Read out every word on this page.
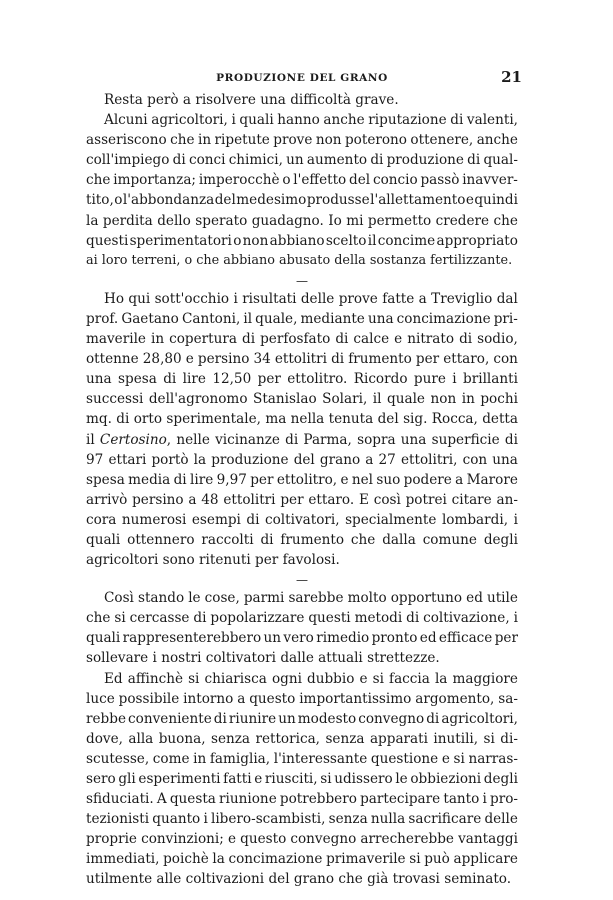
PRODUZIONE DEL GRANO	21
Resta però a risolvere una difficoltà grave.
Alcuni agricoltori, i quali hanno anche riputazione di valenti,
asseriscono che in ripetute prove non poterono ottenere, anche
coll'impiego di conci chimici, un aumento di produzione di qual-
che importanza; imperocchè o l'effetto del concio passò inavver-
tito, o l'abbondanza del medesimo produsse l'allettamento e quindi
la perdita dello sperato guadagno. Io mi permetto credere che
questi sperimentatori o non abbiano scelto il concime appropriato
ai loro terreni, o che abbiano abusato della sostanza fertilizzante.
—
Ho qui sott'occhio i risultati delle prove fatte a Treviglio dal
prof. Gaetano Cantoni, il quale, mediante una concimazione pri-
maverile in copertura di perfosfato di calce e nitrato di sodio,
ottenne 28,80 e persino 34 ettolitri di frumento per ettaro, con
una spesa di lire 12,50 per ettolitro. Ricordo pure i brillanti
successi dell'agronomo Stanislao Solari, il quale non in pochi
mq. di orto sperimentale, ma nella tenuta del sig. Rocca, detta
il Certosino, nelle vicinanze di Parma, sopra una superficie di
97 ettari portò la produzione del grano a 27 ettolitri, con una
spesa media di lire 9,97 per ettolitro, e nel suo podere a Marore
arrivò persino a 48 ettolitri per ettaro. E così potrei citare an-
cora numerosi esempi di coltivatori, specialmente lombardi, i
quali ottennero raccolti di frumento che dalla comune degli
agricoltori sono ritenuti per favolosi.
—
Così stando le cose, parmi sarebbe molto opportuno ed utile
che si cercasse di popolarizzare questi metodi di coltivazione, i
quali rappresenterebbero un vero rimedio pronto ed efficace per
sollevare i nostri coltivatori dalle attuali strettezze.
Ed affinchè si chiarisca ogni dubbio e si faccia la maggiore
luce possibile intorno a questo importantissimo argomento, sa-
rebbe conveniente di riunire un modesto convegno di agricoltori,
dove, alla buona, senza rettorica, senza apparati inutili, si di-
scutesse, come in famiglia, l'interessante questione e si narras-
sero gli esperimenti fatti e riusciti, si udissero le obbiezioni degli
sfiduciati. A questa riunione potrebbero partecipare tanto i pro-
tezionisti quanto i libero-scambisti, senza nulla sacrificare delle
proprie convinzioni; e questo convegno arrecherebbe vantaggi
immediati, poichè la concimazione primaverile si può applicare
utilmente alle coltivazioni del grano che già trovasi seminato.
